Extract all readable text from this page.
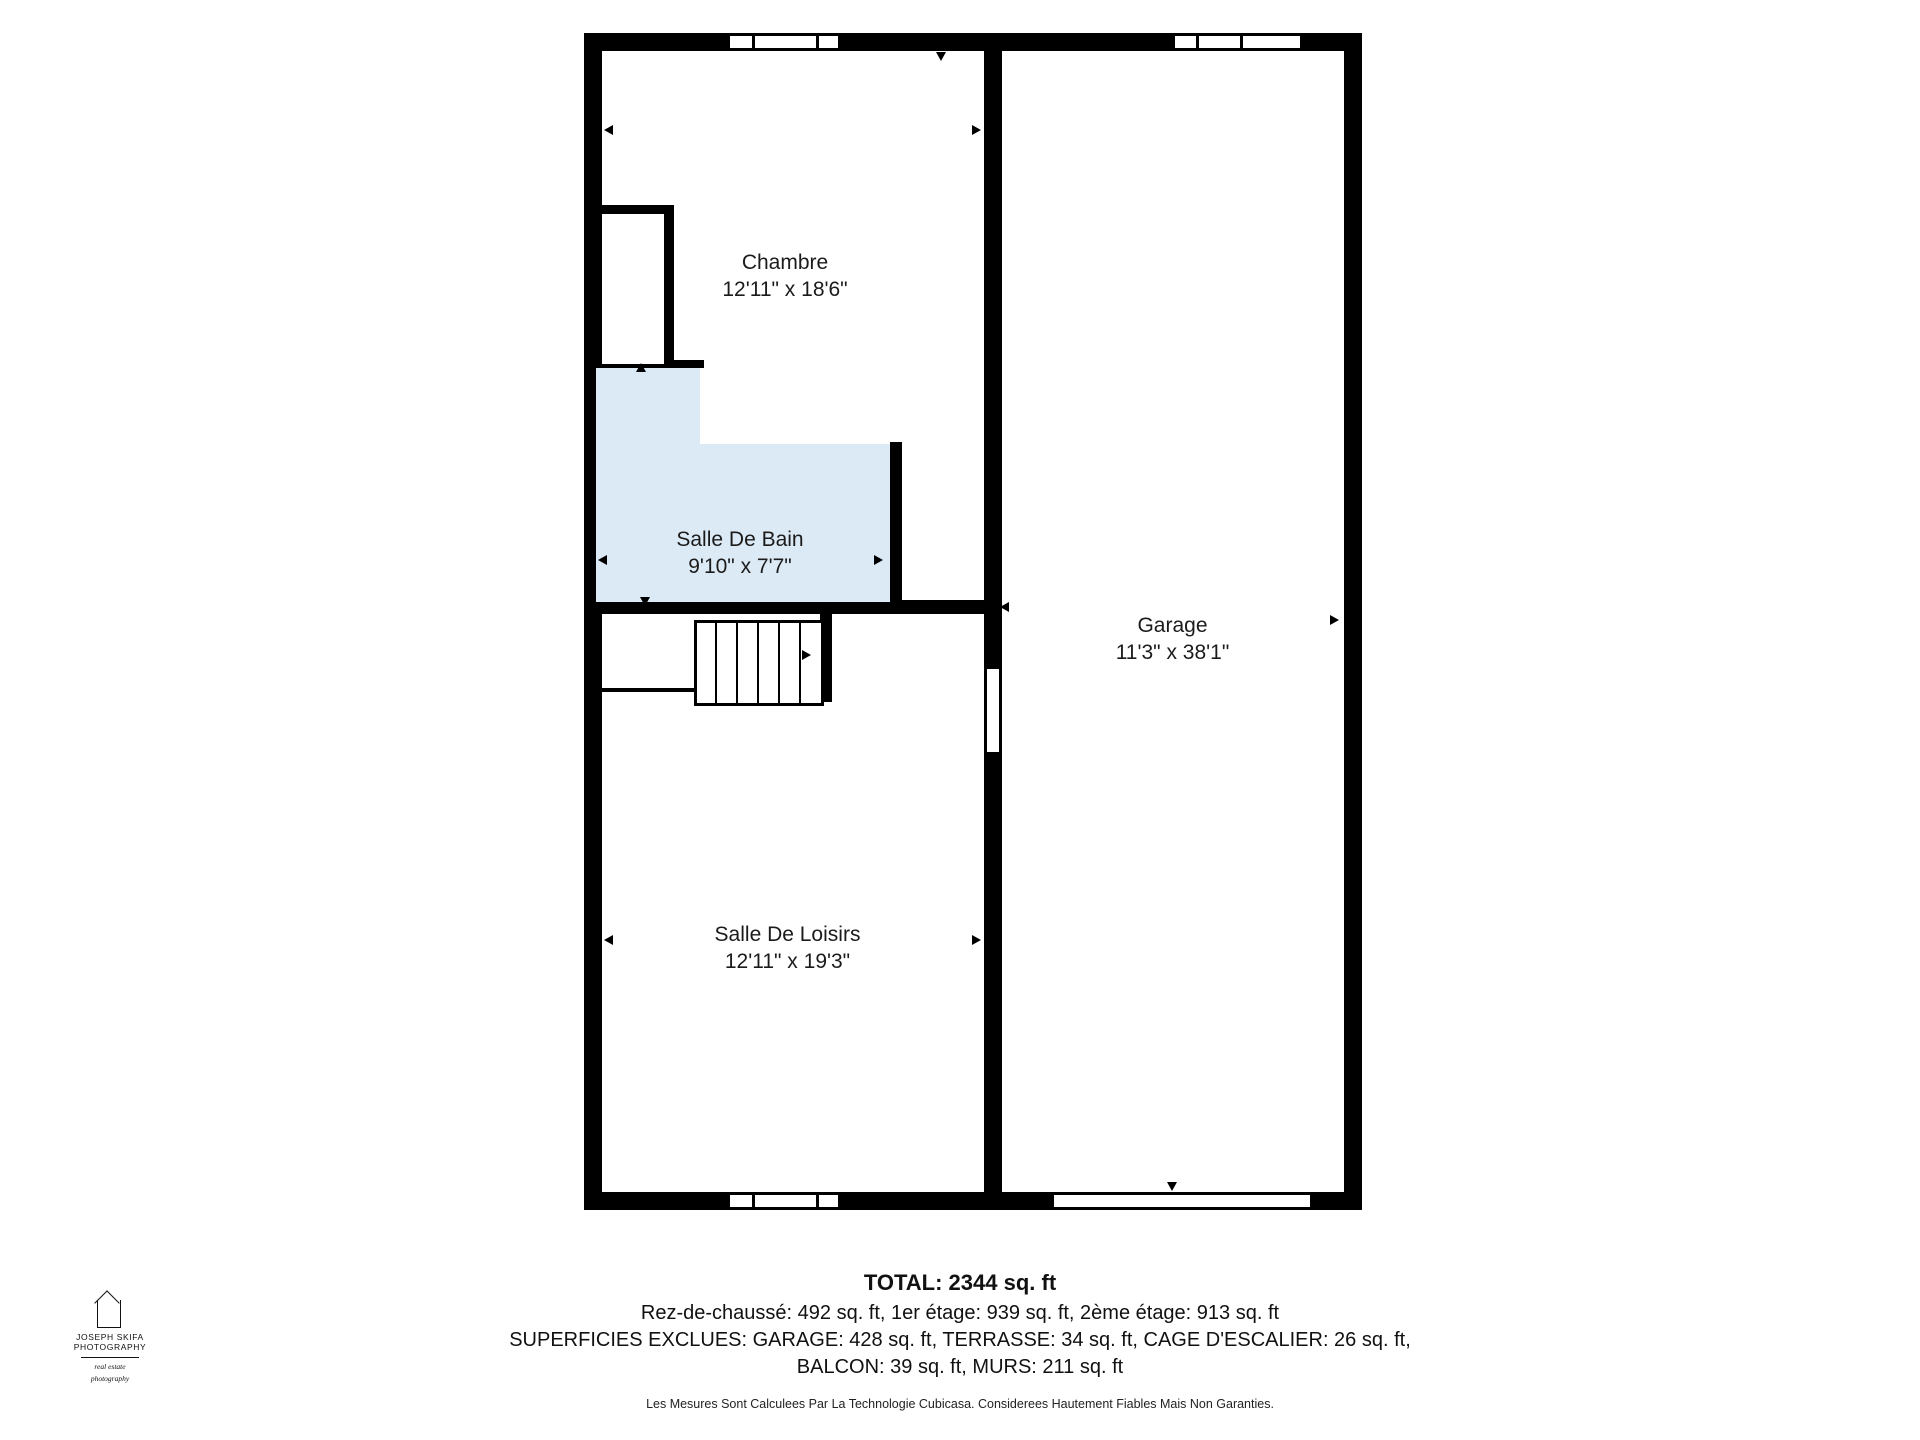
Chambre
12'11" x 18'6"
Salle De Bain
9'10" x 7'7"
Garage
11'3" x 38'1"
Salle De Loisirs
12'11" x 19'3"
TOTAL: 2344 sq. ft
Rez-de-chaussé: 492 sq. ft, 1er étage: 939 sq. ft, 2ème étage: 913 sq. ft
SUPERFICIES EXCLUES: GARAGE: 428 sq. ft, TERRASSE: 34 sq. ft, CAGE D'ESCALIER: 26 sq. ft,
BALCON: 39 sq. ft, MURS: 211 sq. ft
Les Mesures Sont Calculees Par La Technologie Cubicasa. Considerees Hautement Fiables Mais Non Garanties.
JOSEPH SKIFA PHOTOGRAPHY
real estate
photography
